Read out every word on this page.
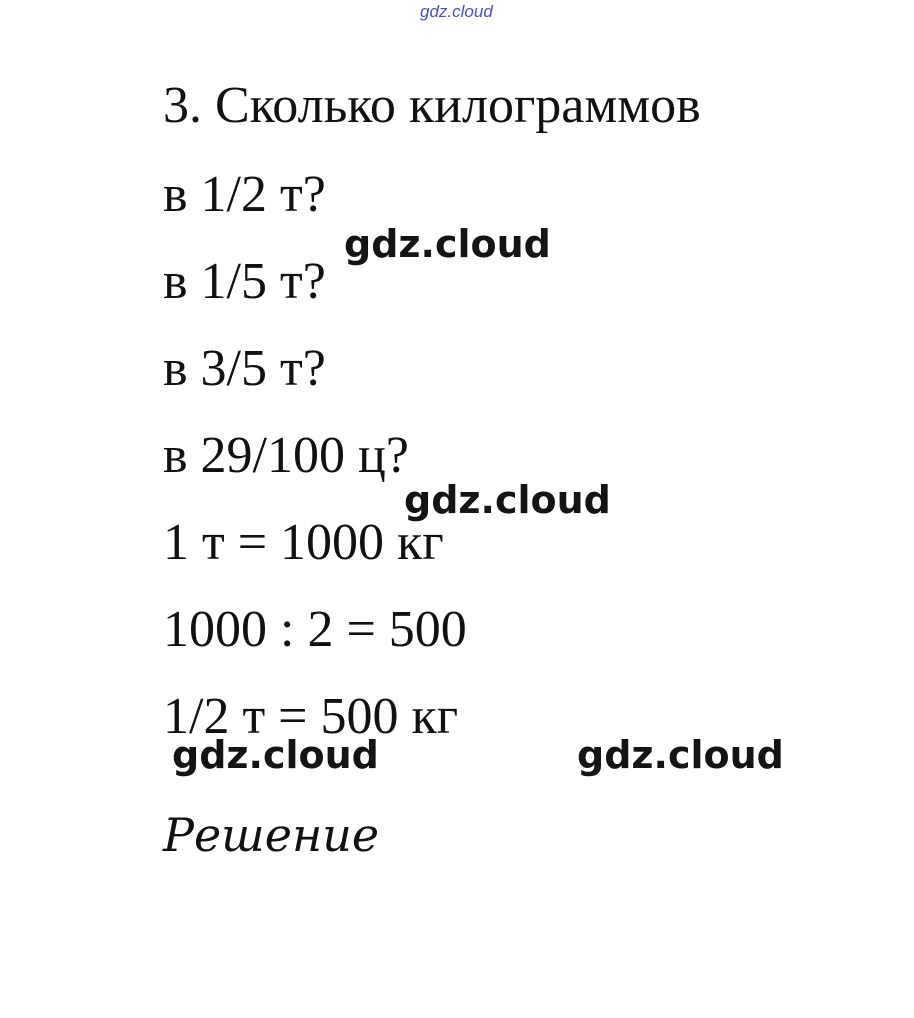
gdz.cloud
3. Сколько килограммов
в 1/2 т?
в 1/5 т?
в 3/5 т?
в 29/100 ц?
1 т = 1000 кг
1000 : 2 = 500
1/2 т = 500 кг
Решение
gdz.cloud
gdz.cloud
gdz.cloud	gdz.cloud
